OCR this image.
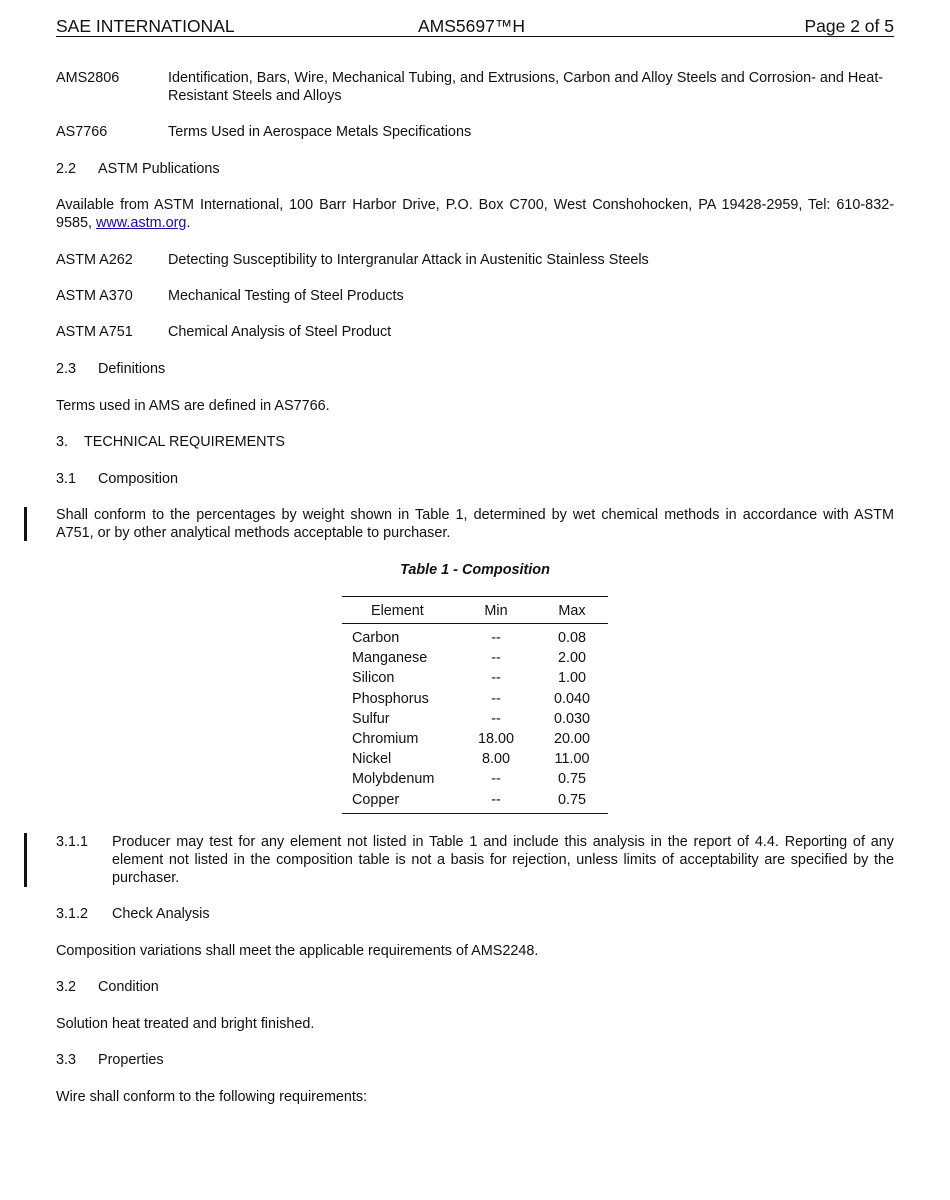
SAE INTERNATIONAL	AMS5697™H	Page 2 of 5
AMS2806	Identification, Bars, Wire, Mechanical Tubing, and Extrusions, Carbon and Alloy Steels and Corrosion- and Heat-Resistant Steels and Alloys
AS7766	Terms Used in Aerospace Metals Specifications
2.2 ASTM Publications
Available from ASTM International, 100 Barr Harbor Drive, P.O. Box C700, West Conshohocken, PA 19428-2959, Tel: 610-832-9585, www.astm.org.
ASTM A262	Detecting Susceptibility to Intergranular Attack in Austenitic Stainless Steels
ASTM A370	Mechanical Testing of Steel Products
ASTM A751	Chemical Analysis of Steel Product
2.3 Definitions
Terms used in AMS are defined in AS7766.
3. TECHNICAL REQUIREMENTS
3.1 Composition
Shall conform to the percentages by weight shown in Table 1, determined by wet chemical methods in accordance with ASTM A751, or by other analytical methods acceptable to purchaser.
Table 1 - Composition
Element	Min	Max
Carbon	--	0.08
Manganese	--	2.00
Silicon	--	1.00
Phosphorus	--	0.040
Sulfur	--	0.030
Chromium	18.00	20.00
Nickel	8.00	11.00
Molybdenum	--	0.75
Copper	--	0.75
3.1.1	Producer may test for any element not listed in Table 1 and include this analysis in the report of 4.4. Reporting of any element not listed in the composition table is not a basis for rejection, unless limits of acceptability are specified by the purchaser.
3.1.2 Check Analysis
Composition variations shall meet the applicable requirements of AMS2248.
3.2 Condition
Solution heat treated and bright finished.
3.3 Properties
Wire shall conform to the following requirements:
